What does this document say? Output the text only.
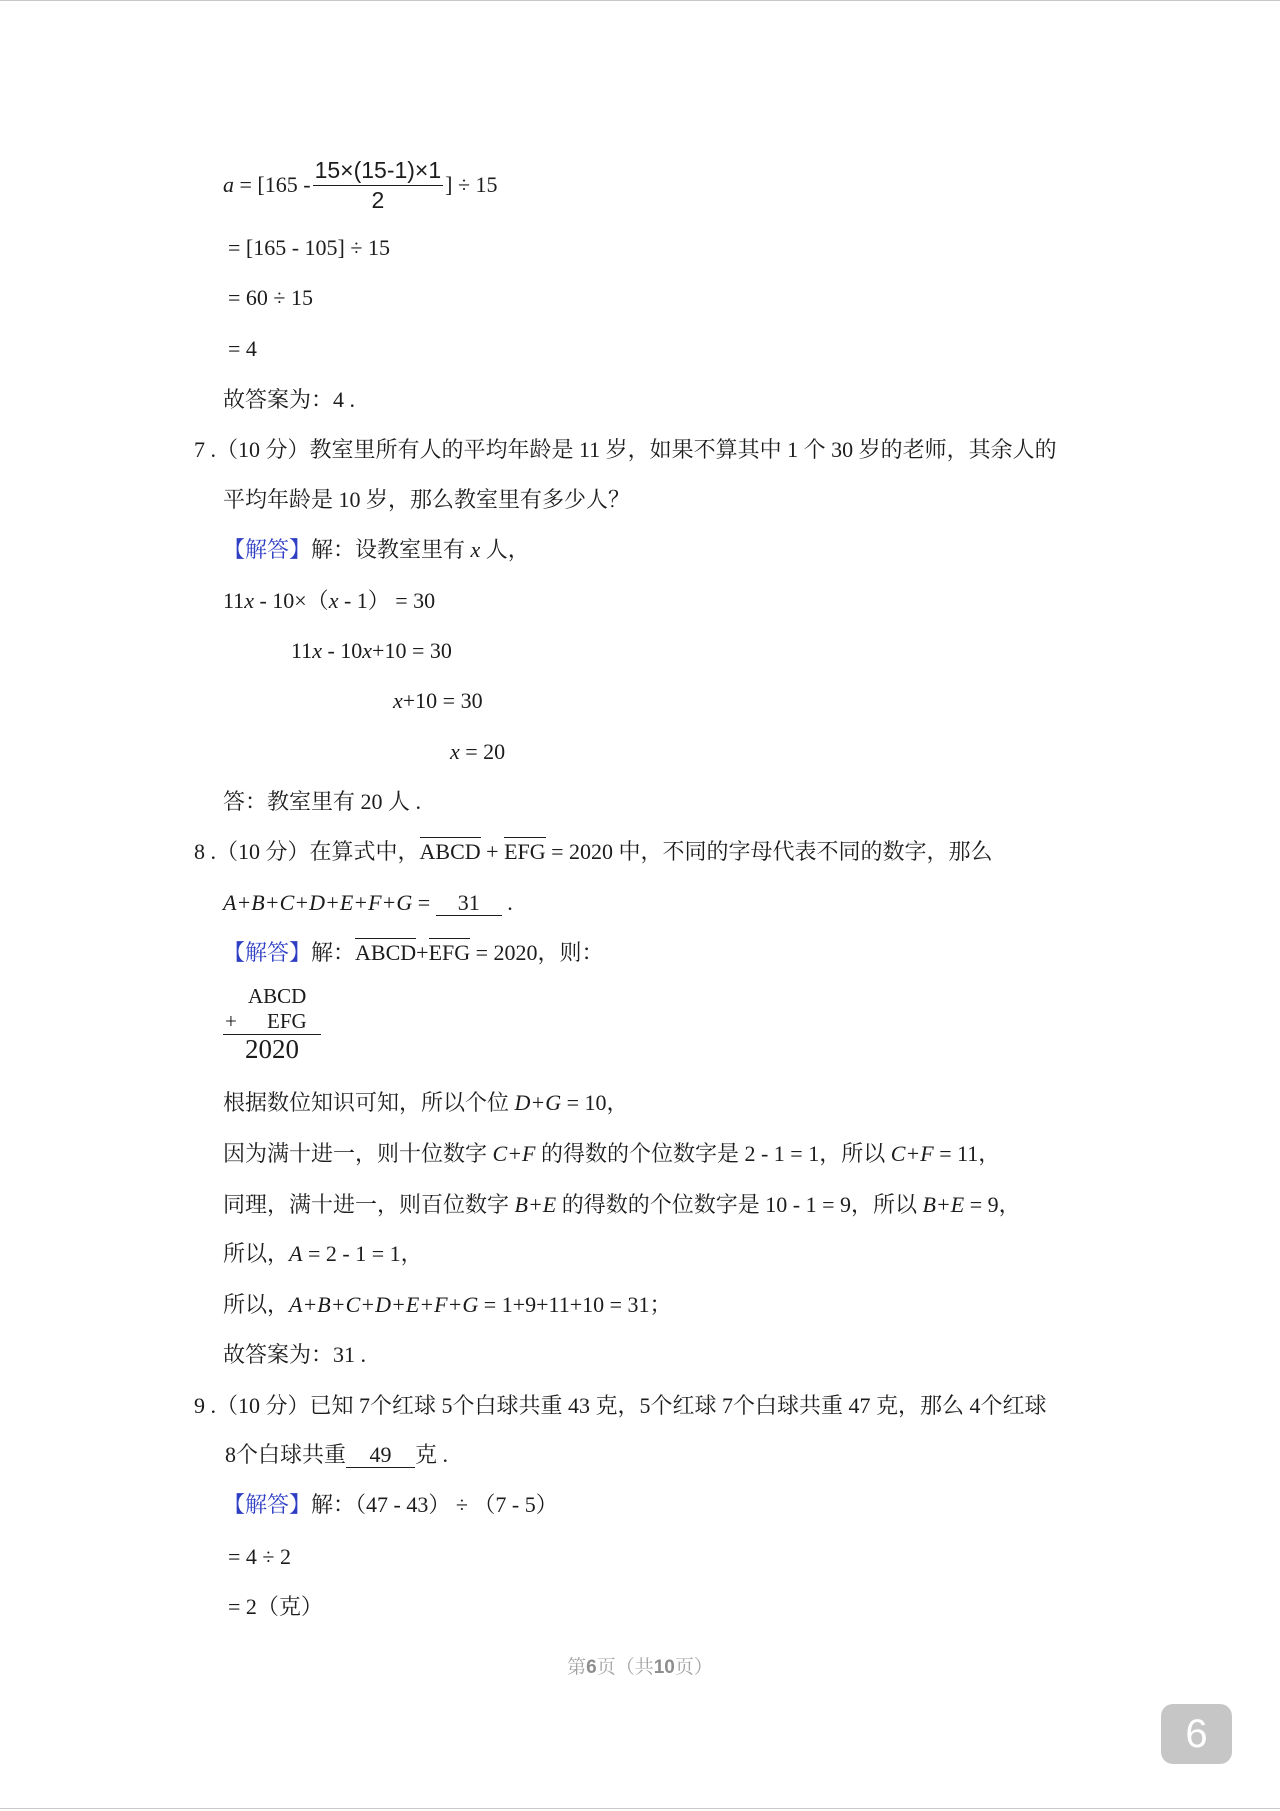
$a = [165 - \frac{15\times(15-1)\times 1}{2}$ ] ÷ 15
= [165 - 105] ÷ 15
= 60 ÷ 15
= 4
故答案为：4 .
7 .（10 分）教室里所有人的平均年龄是 11 岁，如果不算其中 1 个 30 岁的老师，其余人的
平均年龄是 10 岁，那么教室里有多少人？
【解答】解：设教室里有 x 人，
11x - 10×（x - 1） = 30
11x - 10x+10 = 30
x+10 = 30
x = 20
答：教室里有 20 人 .
8 .（10 分）在算式中，ABCD + EFG = 2020 中，不同的字母代表不同的数字，那么
A+B+C+D+E+F+G = 31 .
【解答】解：ABCD+EFG = 2020，则：
ABCD
+ EFG
2020
根据数位知识可知，所以个位 D+G = 10，
因为满十进一，则十位数字 C+F 的得数的个位数字是 2 - 1 = 1，所以 C+F = 11，
同理，满十进一，则百位数字 B+E 的得数的个位数字是 10 - 1 = 9，所以 B+E = 9，
所以，A = 2 - 1 = 1，
所以，A+B+C+D+E+F+G = 1+9+11+10 = 31；
故答案为：31 .
9 .（10 分）已知 7个红球 5个白球共重 43 克，5个红球 7个白球共重 47 克，那么 4个红球
8个白球共重 49 克 .
【解答】解：（47 - 43） ÷ （7 - 5）
= 4 ÷ 2
= 2（克）
第6页（共10页）
6
